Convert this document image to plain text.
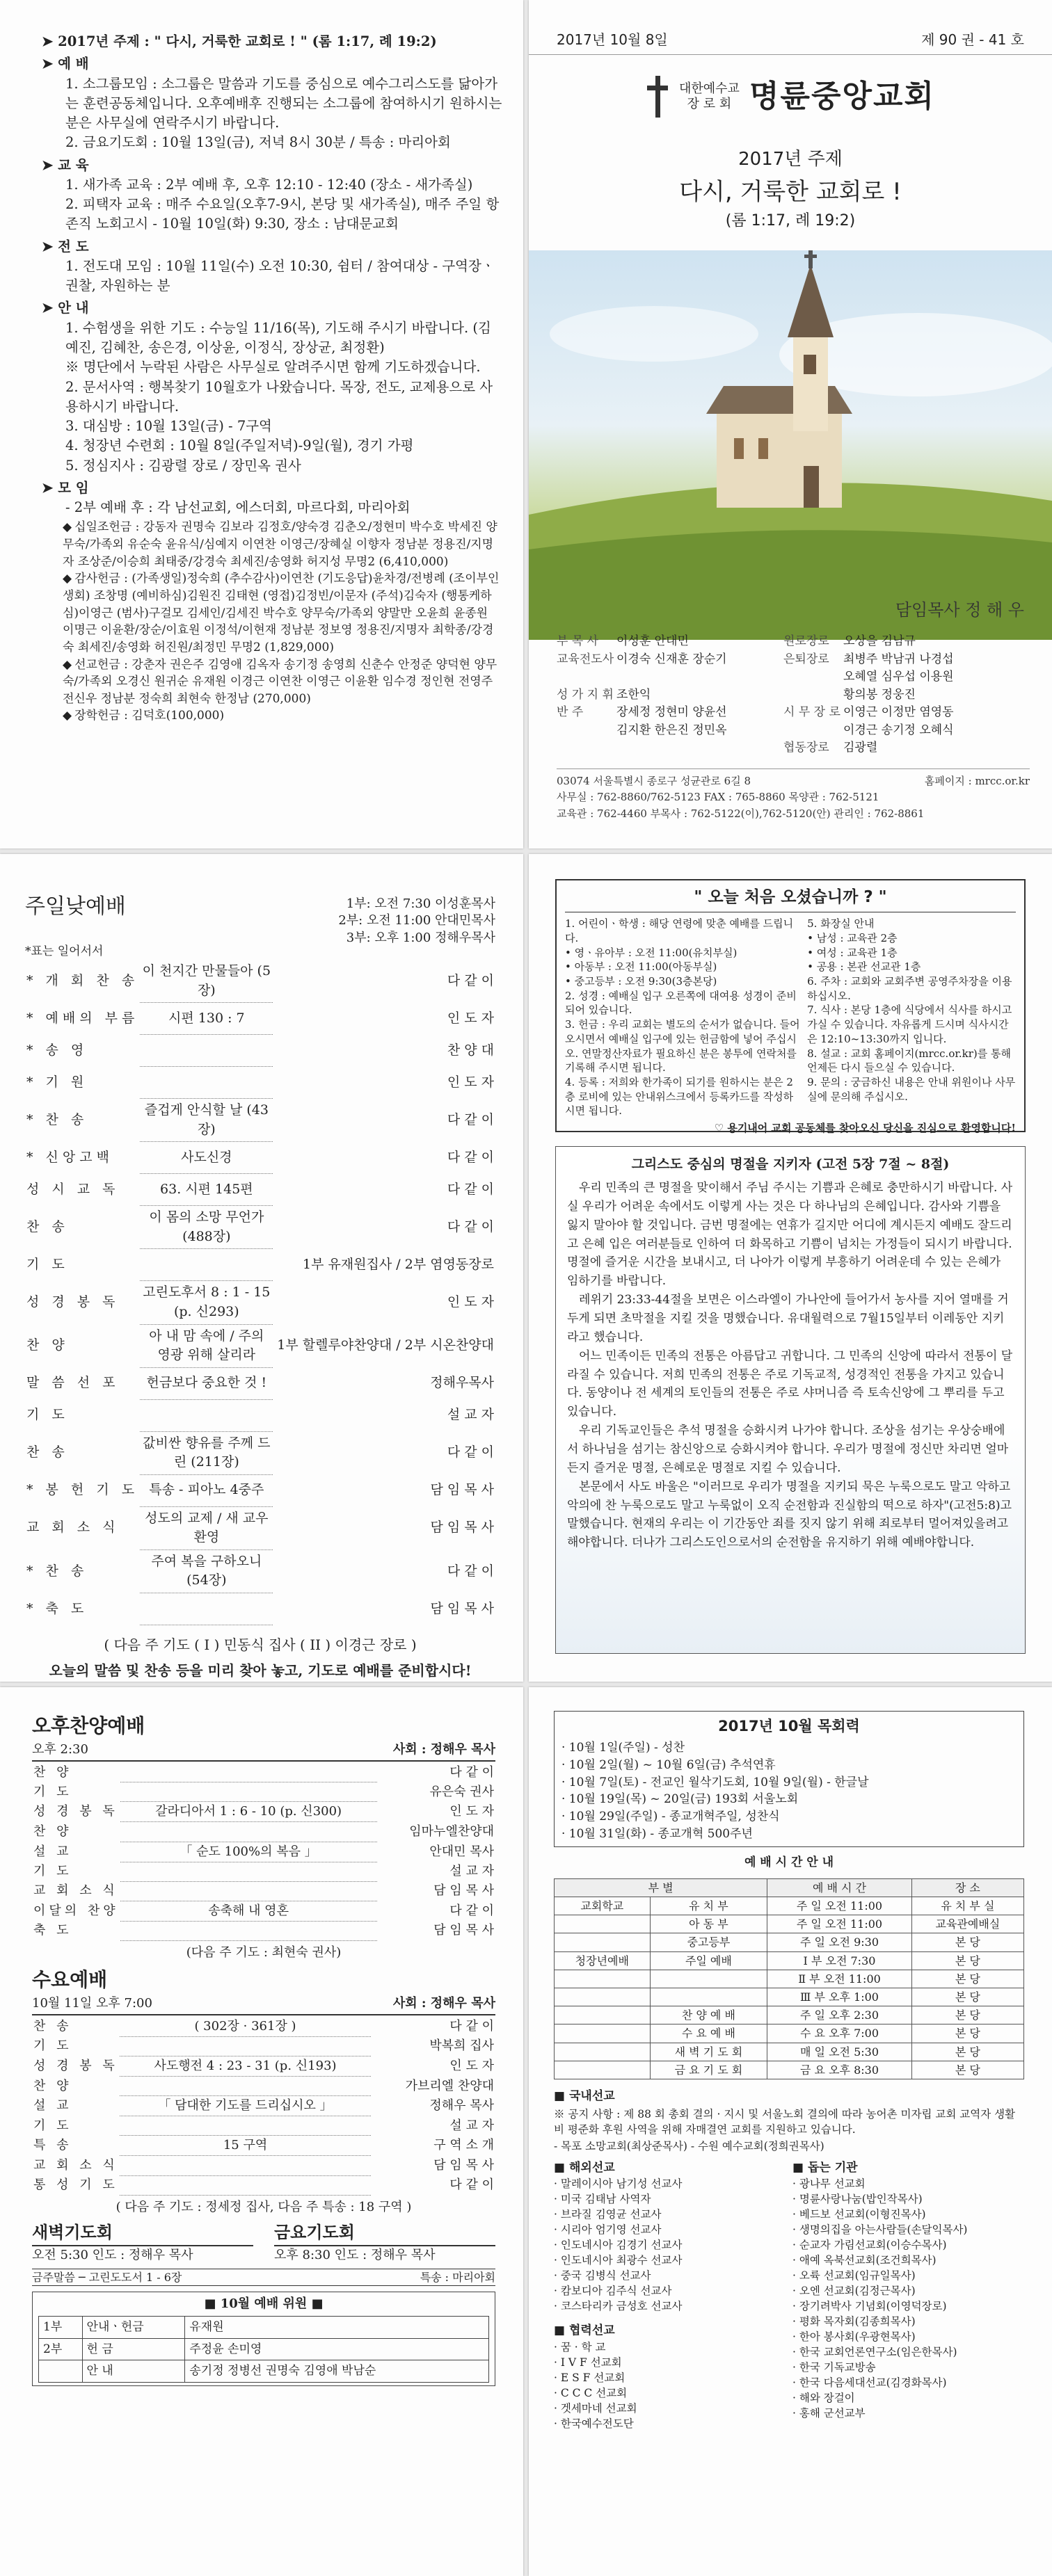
➤ 2017년 주제 : " 다시, 거룩한 교회로 ! " (롬 1:17, 례 19:2)
➤ 예 배
1. 소그룹모임 : 소그룹은 말씀과 기도를 중심으로 예수그리스도를 닮아가는 훈련공동체입니다. 오후예배후 진행되는 소그룹에 참여하시기 원하시는 분은 사무실에 연락주시기 바랍니다.
2. 금요기도회 : 10월 13일(금), 저녁 8시 30분 / 특송 : 마리아회
➤ 교 육
1. 새가족 교육 : 2부 예배 후, 오후 12:10 - 12:40 (장소 - 새가족실)
2. 피택자 교육 : 매주 수요일(오후7-9시, 본당 및 새가족실), 매주 주일 항존직 노회고시 - 10월 10일(화) 9:30, 장소 : 남대문교회
➤ 전 도
1. 전도대 모임 : 10월 11일(수) 오전 10:30, 쉼터 / 참여대상 - 구역장ㆍ권찰, 자원하는 분
➤ 안 내
1. 수험생을 위한 기도 : 수능일 11/16(목), 기도해 주시기 바랍니다. (김예진, 김혜찬, 송은경, 이상윤, 이정식, 장상균, 최정환)
※ 명단에서 누락된 사람은 사무실로 알려주시면 함께 기도하겠습니다.
2. 문서사역 : 행복찾기 10월호가 나왔습니다. 목장, 전도, 교제용으로 사용하시기 바랍니다.
3. 대심방 : 10월 13일(금) - 7구역
4. 청장년 수련회 : 10월 8일(주일저녁)-9일(월), 경기 가평
5. 정심지사 : 김광렬 장로 / 장민옥 권사
➤ 모 임
- 2부 예배 후 : 각 남선교회, 에스더회, 마르다회, 마리아회
◆ 십일조헌금 : 강동자 권명숙 김보라 김정호/양숙경 김춘오/정현미 박수호 박세진 양무숙/가족외 유순숙 윤유식/심예지 이연찬 이영근/장혜실 이향자 정남분 정용진/지명자 조상준/이승희 최태중/강경숙 최세진/송영화 허지성 무명2 (6,410,000)
◆ 감사헌금 : (가족생일)정숙희 (추수감사)이연찬 (기도응답)윤차경/전병례 (조이부인생회) 조창명 (예비하심)김원진 김태현 (영접)김정빈/이문자 (주석)김숙자 (행통케하심)이영근 (범사)구걸모 김세인/김세진 박수호 양무숙/가족외 양말만 오윤희 윤종원 이명근 이윤환/장순/이효원 이정석/이현재 정남분 정보영 정용진/지명자 최학종/강경숙 최세진/송영화 허진원/최정민 무명2 (1,829,000)
◆ 선교헌금 : 강춘자 권은주 김영애 김옥자 송기정 송영희 신춘수 안정준 양덕현 양무숙/가족외 오경신 원귀순 유재원 이경근 이연찬 이영근 이윤환 임수경 정인현 전영주 전신우 정남분 정숙희 최현숙 한정남 (270,000)
◆ 장학헌금 : 김덕호(100,000)
2017년 10월 8일	제 90 권 - 41 호
대한예수교
장 로 회 명륜중앙교회
2017년 주제
다시, 거룩한 교회로 !
(롬 1:17, 례 19:2)
담임목사 정 해 우
부 목 사	이성훈 안대민	원로장로	오상을 김남규
교육전도사 이경숙 신재훈 장순기	은퇴장로	최병주 박남귀 나경섭
오혜열 심우섭 이용원
성 가 지 휘 조한익	황의봉 정웅진
반 주	장세정 정현미 양윤선	시 무 장 로 이영근 이정만 염영동
김지환 한은진 정민옥	이경근 송기정 오혜식
협동장로	김광렬
03074 서울특별시 종로구 성균관로 6길 8	홈페이지 : mrcc.or.kr
사무실 : 762-8860/762-5123 FAX : 765-8860 목양관 : 762-5121
교육관 : 762-4460 부목사 : 762-5122(이),762-5120(안) 관리인 : 762-8861
주일낮예배	1부: 오전 7:30 이성훈목사
2부: 오전 11:00 안대민목사
3부: 오후 1:00 정해우목사
*표는 일어서서
* 개 회 찬 송	이 천지간 만물들아 (5장)	다 같 이
* 예배의 부름	시편 130 : 7	인 도 자
* 송 영		찬 양 대
* 기 원		인 도 자
* 찬 송	즐겁게 안식할 날 (43장)	다 같 이
* 신앙고백	사도신경	다 같 이
성 시 교 독	63. 시편 145편	다 같 이
찬 송	이 몸의 소망 무언가 (488장)	다 같 이
기 도		1부 유재원집사 / 2부 염영동장로
성 경 봉 독	고린도후서 8 : 1 - 15 (p. 신293)	인 도 자
찬 양	아 내 맘 속에 / 주의 영광 위해 살리라	1부 할렐루야찬양대 / 2부 시온찬양대
말 씀 선 포	헌금보다 중요한 것 !	정해우목사
기 도		설 교 자
찬 송	값비싼 향유를 주께 드린 (211장)	다 같 이
* 봉 헌 기 도	특송 - 피아노 4중주	담 임 목 사
교 회 소 식	성도의 교제 / 새 교우 환영	담 임 목 사
* 찬 송	주여 복을 구하오니 (54장)	다 같 이
* 축 도		담 임 목 사
( 다음 주 기도 ( I ) 민동식 집사 ( II ) 이경근 장로 )
오늘의 말씀 및 찬송 등을 미리 찾아 놓고, 기도로 예배를 준비합시다!
" 오늘 처음 오셨습니까 ? "
1. 어린이ㆍ학생 : 해당 연령에 맞춘 예배를 드립니다.
• 영ㆍ유아부 : 오전 11:00(유치부실)
• 아동부 : 오전 11:00(아동부실)
• 중고등부 : 오전 9:30(3층본당)
2. 성경 : 예배실 입구 오른쪽에 대여용 성경이 준비되어 있습니다.
3. 헌금 : 우리 교회는 별도의 순서가 없습니다. 들어 오시면서 예배실 입구에 있는 헌금함에 넣어 주십시오. 연말정산자료가 필요하신 분은 봉투에 연락처를 기록해 주시면 됩니다.
4. 등록 : 저희와 한가족이 되기를 원하시는 분은 2층 로비에 있는 안내위스크에서 등록카드를 작성하시면 됩니다.
5. 화장실 안내
• 남성 : 교육관 2층
• 여성 : 교육관 1층
• 공용 : 본관 선교관 1층
6. 주차 : 교회와 교회주변 공영주차장을 이용하십시오.
7. 식사 : 본당 1층에 식당에서 식사를 하시고 가실 수 있습니다. 자유롭게 드시며 식사시간은 12:10~13:30까지 입니다.
8. 설교 : 교회 홈페이지(mrcc.or.kr)를 통해 언제든 다시 들으실 수 있습니다.
9. 문의 : 궁금하신 내용은 안내 위원이나 사무실에 문의해 주십시오.
♡ 용기내어 교회 공동체를 찾아오신 당신을 진심으로 환영합니다!
그리스도 중심의 명절을 지키자 (고전 5장 7절 ~ 8절)

우리 민족의 큰 명절을 맞이해서 주님 주시는 기쁨과 은혜로 충만하시기 바랍니다. 사실 우리가 어려운 속에서도 이렇게 사는 것은 다 하나님의 은혜입니다. 감사와 기쁨을 잃지 말아야 할 것입니다. 금번 명절에는 연휴가 길지만 어디에 계시든지 예배도 잘드리고 은혜 입은 여러분들로 인하여 더 화목하고 기쁨이 넘치는 가정들이 되시기 바랍니다. 명절에 즐거운 시간을 보내시고, 더 나아가 이렇게 부흥하기 어려운데 수 있는 은혜가 임하기를 바랍니다.

레위기 23:33-44절을 보면은 이스라엘이 가나안에 들어가서 농사를 지어 열매를 거두게 되면 초막절을 지킬 것을 명했습니다. 유대월력으로 7월15일부터 이레동안 지키라고 했습니다.

어느 민족이든 민족의 전통은 아름답고 귀합니다. 그 민족의 신앙에 따라서 전통이 달라질 수 있습니다. 저희 민족의 전통은 주로 기독교적, 성경적인 전통을 가지고 있습니다. 동양이나 전 세계의 토인들의 전통은 주로 샤머니즘 즉 토속신앙에 그 뿌리를 두고 있습니다.

우리 기독교인들은 추석 명절을 승화시켜 나가야 합니다. 조상을 섬기는 우상숭배에서 하나님을 섬기는 참신앙으로 승화시켜야 합니다. 우리가 명절에 정신만 차리면 얼마든지 즐거운 명절, 은혜로운 명절로 지킬 수 있습니다.

본문에서 사도 바울은 "이러므로 우리가 명절을 지키되 묵은 누룩으로도 말고 악하고 악의에 찬 누룩으로도 말고 누룩없이 오직 순전함과 진실함의 떡으로 하자"(고전5:8)고 말했습니다. 현재의 우리는 이 기간동안 죄를 짓지 않기 위해 죄로부터 멀어져있을려고 해야합니다. 더나가 그리스도인으로서의 순전함을 유지하기 위해 예배야합니다.

오후찬양예배
오후 2:30	사회 : 정해우 목사
찬 양		다 같 이
기 도		유은숙 권사
성 경 봉 독	갈라디아서 1 : 6 - 10 (p. 신300)	인 도 자
찬 양		임마누엘찬양대
설 교	「 순도 100%의 복음 」	안대민 목사
기 도		설 교 자
교 회 소 식		담 임 목 사
이달의 찬양	송축해 내 영혼	다 같 이
축 도		담 임 목 사
(다음 주 기도 : 최현숙 권사)
수요예배
10월 11일 오후 7:00	사회 : 정해우 목사
찬 송	( 302장 · 361장 )	다 같 이
기 도		박복희 집사
성 경 봉 독	사도행전 4 : 23 - 31 (p. 신193)	인 도 자
찬 양		가브리엘 찬양대
설 교	「 담대한 기도를 드리십시오 」	정해우 목사
기 도		설 교 자
특 송	15 구역	구 역 소 개
교 회 소 식		담 임 목 사
통 성 기 도		다 같 이
( 다음 주 기도 : 정세정 집사, 다음 주 특송 : 18 구역 )
새벽기도회
오전 5:30 인도 : 정해우 목사
금요기도회
오후 8:30 인도 : 정해우 목사
금주말씀 ─ 고린도도서 1 - 6장	특송 : 마리아회
■ 10월 예배 위원 ■
1부	안내ㆍ헌금	유재원
2부	헌 금	주정윤 손미영
	안 내	송기정 정병선 권명숙 김영애 박남순
2017년 10월 목회력
· 10월 1일(주일) - 성찬
· 10월 2일(월) ~ 10월 6일(금) 추석연휴
· 10월 7일(토) - 전교인 월삭기도회, 10월 9일(월) - 한글날
· 10월 19일(목) ~ 20일(금) 193회 서울노회
· 10월 29일(주일) - 종교개혁주일, 성찬식
· 10월 31일(화) - 종교개혁 500주년
예 배 시 간 안 내
부 별		예 배 시 간	장 소
교회학교	유 치 부	주 일 오전 11:00	유 치 부 실
	아 동 부	주 일 오전 11:00	교육관예배실
	중고등부	주 일 오전 9:30	본 당
청장년예배	주일 예배	Ⅰ 부 오전 7:30	본 당
		Ⅱ 부 오전 11:00	본 당
		Ⅲ 부 오후 1:00	본 당
	찬 양 예 배	주 일 오후 2:30	본 당
	수 요 예 배	수 요 오후 7:00	본 당
	새 벽 기 도 회	매 일 오전 5:30	본 당
	금 요 기 도 회	금 요 오후 8:30	본 당
■ 국내선교

※ 공지 사항 : 제 88 회 총회 결의 · 지시 및 서울노회 결의에 따라 농어촌 미자립 교회 교역자 생활비 평준화 후원 사역을 위해 자매결연 교회를 지원하고 있습니다.

- 목포 소망교회(최상준목사) - 수원 예수교회(정희권목사)

■ 해외선교
· 말레이시아 남기성 선교사
· 미국 김태남 사역자
· 브라질 김영균 선교사
· 시리아 엄기영 선교사
· 인도네시아 김경기 선교사
· 인도네시아 최광수 선교사
· 중국 김병식 선교사
· 캄보디아 김주식 선교사
· 코스타리카 금성호 선교사
■ 협력선교
· 꿈 · 학 교
· I V F 선교회
· E S F 선교회
· C C C 선교회
· 겟세마네 선교회
· 한국예수전도단
■ 돕는 기관
· 광나무 선교회
· 명륜사랑나눔(밥인작목사)
· 베드보 선교회(이형진목사)
· 생명의집을 아는사람들(손달익목사)
· 순교자 가림선교회(이승수목사)
· 애예 옥북선교회(조건희목사)
· 오륙 선교회(임규일목사)
· 오엔 선교회(김정근목사)
· 장기려박사 기념회(이영덕장로)
· 평화 목자회(김종희목사)
· 한아 봉사회(우광현목사)
· 한국 교회언론연구소(임은한목사)
· 한국 기독교방송
· 한국 다음세대선교(김경화목사)
· 해와 장걸이
· 홍해 군선교부
